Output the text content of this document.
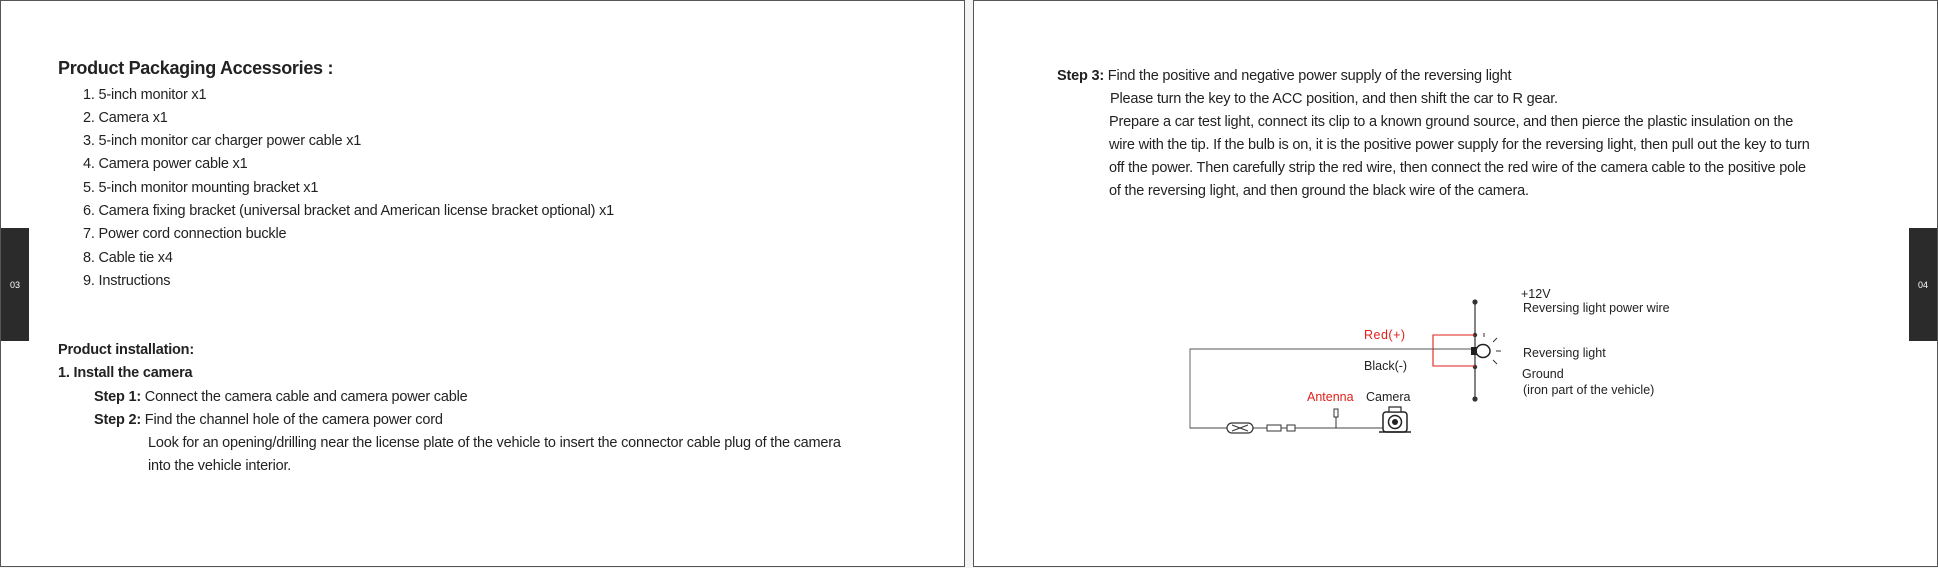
03
Product Packaging Accessories :
1. 5-inch monitor x1
2. Camera x1
3. 5-inch monitor car charger power cable x1
4. Camera power cable x1
5. 5-inch monitor mounting bracket x1
6. Camera fixing bracket (universal bracket and American license bracket optional) x1
7. Power cord connection buckle
8. Cable tie x4
9. Instructions
Product installation:
1. Install the camera
Step 1: Connect the camera cable and camera power cable
Step 2: Find the channel hole of the camera power cord
Look for an opening/drilling near the license plate of the vehicle to insert the connector cable plug of the camera
into the vehicle interior.
04
Step 3: Find the positive and negative power supply of the reversing light
Please turn the key to the ACC position, and then shift the car to R gear.
Prepare a car test light, connect its clip to a known ground source, and then pierce the plastic insulation on the
wire with the tip. If the bulb is on, it is the positive power supply for the reversing light, then pull out the key to turn
off the power. Then carefully strip the red wire, then connect the red wire of the camera cable to the positive pole
of the reversing light, and then ground the black wire of the camera.
+12V
Reversing light power wire
Red(+)
Black(-)
Reversing light
Ground
(iron part of the vehicle)
Antenna Camera
